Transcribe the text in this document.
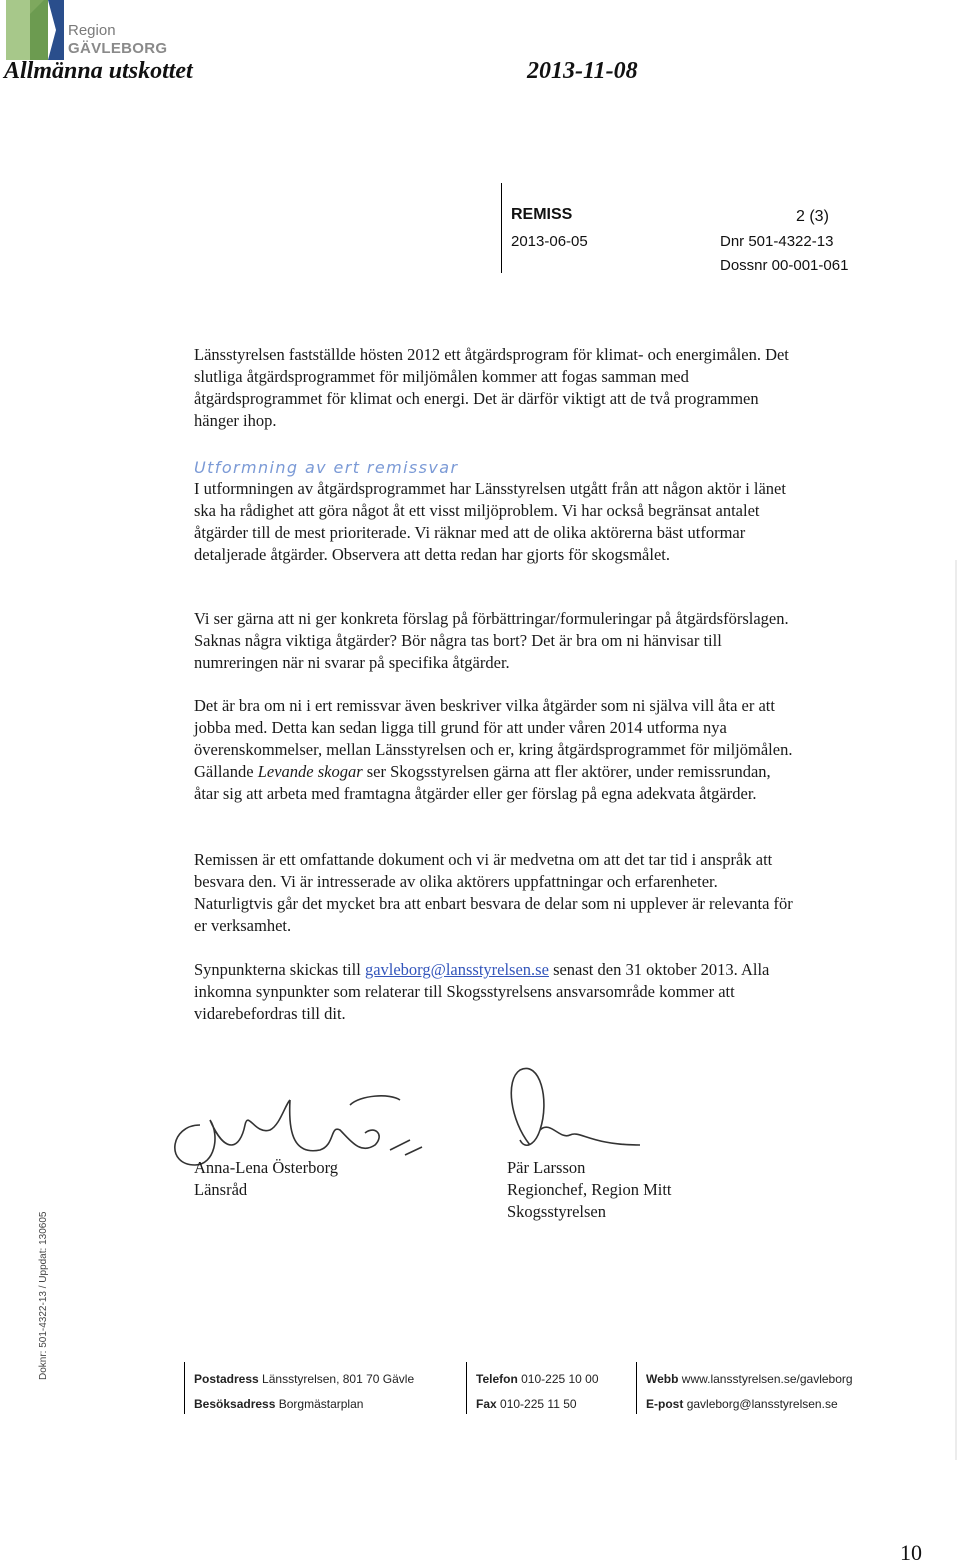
Region
GÄVLEBORG
Allmänna utskottet	2013-11-08
REMISS	2 (3)
2013-06-05	Dnr 501-4322-13
Dossnr 00-001-061

Länsstyrelsen fastställde hösten 2012 ett åtgärdsprogram för klimat- och energimålen. Det slutliga åtgärdsprogrammet för miljömålen kommer att fogas samman med åtgärdsprogrammet för klimat och energi. Det är därför viktigt att de två programmen hänger ihop.

Utformning av ert remissvar

I utformningen av åtgärdsprogrammet har Länsstyrelsen utgått från att någon aktör i länet ska ha rådighet att göra något åt ett visst miljöproblem. Vi har också begränsat antalet åtgärder till de mest prioriterade. Vi räknar med att de olika aktörerna bäst utformar detaljerade åtgärder. Observera att detta redan har gjorts för skogsmålet.

Vi ser gärna att ni ger konkreta förslag på förbättringar/formuleringar på åtgärdsförslagen. Saknas några viktiga åtgärder? Bör några tas bort? Det är bra om ni hänvisar till numreringen när ni svarar på specifika åtgärder.

Det är bra om ni i ert remissvar även beskriver vilka åtgärder som ni själva vill åta er att jobba med. Detta kan sedan ligga till grund för att under våren 2014 utforma nya överenskommelser, mellan Länsstyrelsen och er, kring åtgärdsprogrammet för miljömålen. Gällande Levande skogar ser Skogsstyrelsen gärna att fler aktörer, under remissrundan, åtar sig att arbeta med framtagna åtgärder eller ger förslag på egna adekvata åtgärder.

Remissen är ett omfattande dokument och vi är medvetna om att det tar tid i anspråk att besvara den. Vi är intresserade av olika aktörers uppfattningar och erfarenheter. Naturligtvis går det mycket bra att enbart besvara de delar som ni upplever är relevanta för er verksamhet.

Synpunkterna skickas till gavleborg@lansstyrelsen.se senast den 31 oktober 2013. Alla inkomna synpunkter som relaterar till Skogsstyrelsens ansvarsområde kommer att vidarebefordras till dit.

Anna-Lena Österborg
Länsråd
Pär Larsson
Regionchef, Region Mitt
Skogsstyrelsen
Doknr: 501-4322-13 / Uppdat: 130605	Postadress Länsstyrelsen, 801 70 Gävle
Besöksadress Borgmästarplan
Telefon 010-225 10 00
Fax 010-225 11 50
Webb www.lansstyrelsen.se/gavleborg
E-post gavleborg@lansstyrelsen.se
10
